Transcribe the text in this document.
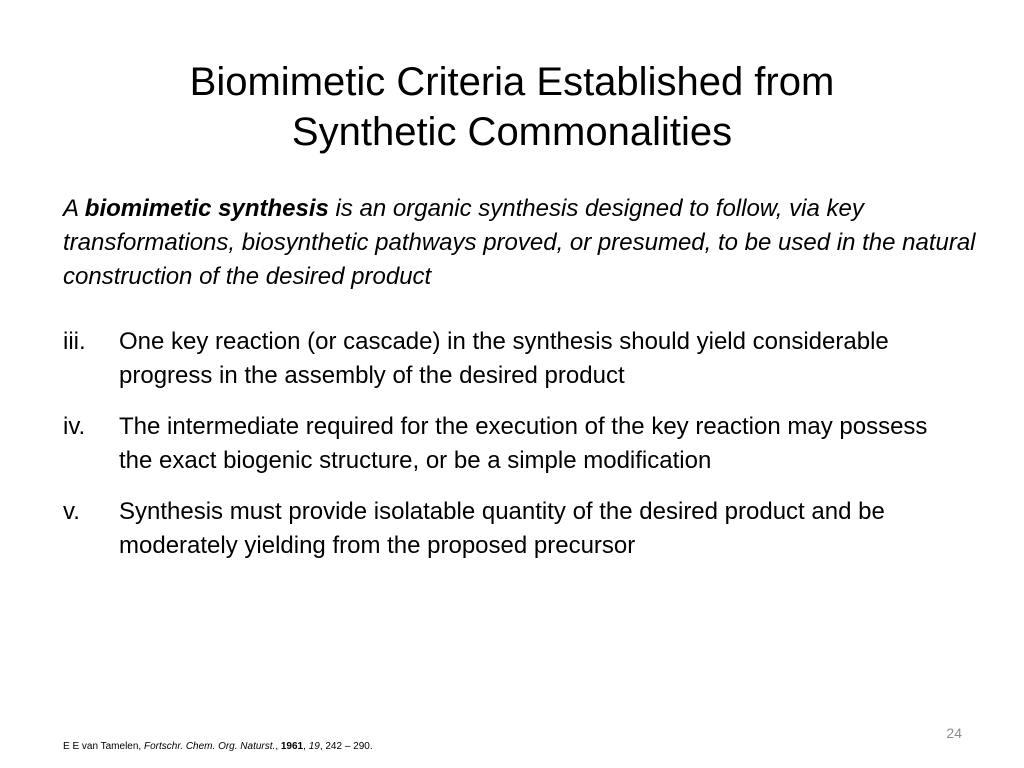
Biomimetic Criteria Established from
Synthetic Commonalities

A biomimetic synthesis is an organic synthesis designed to follow, via key transformations, biosynthetic pathways proved, or presumed, to be used in the natural construction of the desired product

iii. One key reaction (or cascade) in the synthesis should yield considerable progress in the assembly of the desired product
iv. The intermediate required for the execution of the key reaction may possess the exact biogenic structure, or be a simple modification
v. Synthesis must provide isolatable quantity of the desired product and be moderately yielding from the proposed precursor
24
E E van Tamelen, Fortschr. Chem. Org. Naturst., 1961, 19, 242 – 290.
